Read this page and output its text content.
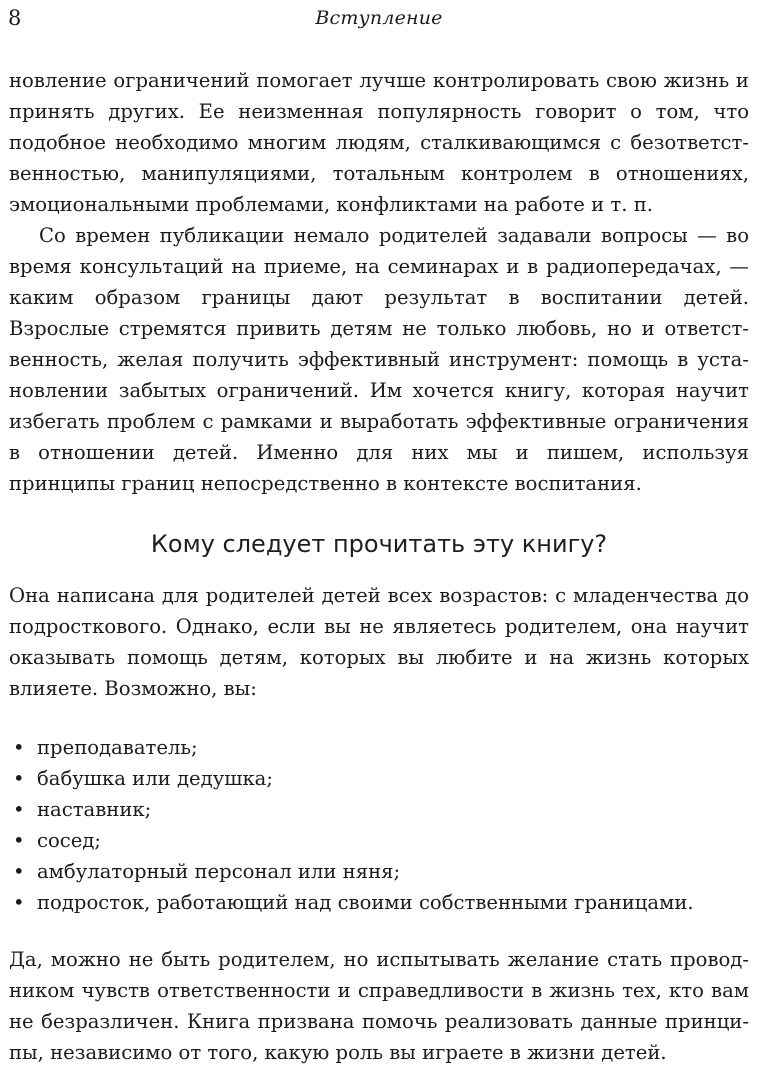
8	Вступление

новление ограничений помогает лучше контролировать свою жизнь и принять других. Ее неизменная популярность говорит о том, что подобное необходимо многим людям, сталкивающимся с безответственностью, манипуляциями, тотальным контролем в отношениях, эмоциональными проблемами, конфликтами на работе и т. п.

Со времен публикации немало родителей задавали вопросы — во время консультаций на приеме, на семинарах и в радиопередачах, — каким образом границы дают результат в воспитании детей. Взрослые стремятся привить детям не только любовь, но и ответственность, желая получить эффективный инструмент: помощь в установлении забытых ограничений. Им хочется книгу, которая научит избегать проблем с рамками и выработать эффективные ограничения в отношении детей. Именно для них мы и пишем, используя принципы границ непосредственно в контексте воспитания.

Кому следует прочитать эту книгу?

Она написана для родителей детей всех возрастов: с младенчества до подросткового. Однако, если вы не являетесь родителем, она научит оказывать помощь детям, которых вы любите и на жизнь которых влияете. Возможно, вы:

• преподаватель;
• бабушка или дедушка;
• наставник;
• сосед;
• амбулаторный персонал или няня;
• подросток, работающий над своими собственными границами.

Да, можно не быть родителем, но испытывать желание стать проводником чувств ответственности и справедливости в жизнь тех, кто вам не безразличен. Книга призвана помочь реализовать данные принципы, независимо от того, какую роль вы играете в жизни детей.
